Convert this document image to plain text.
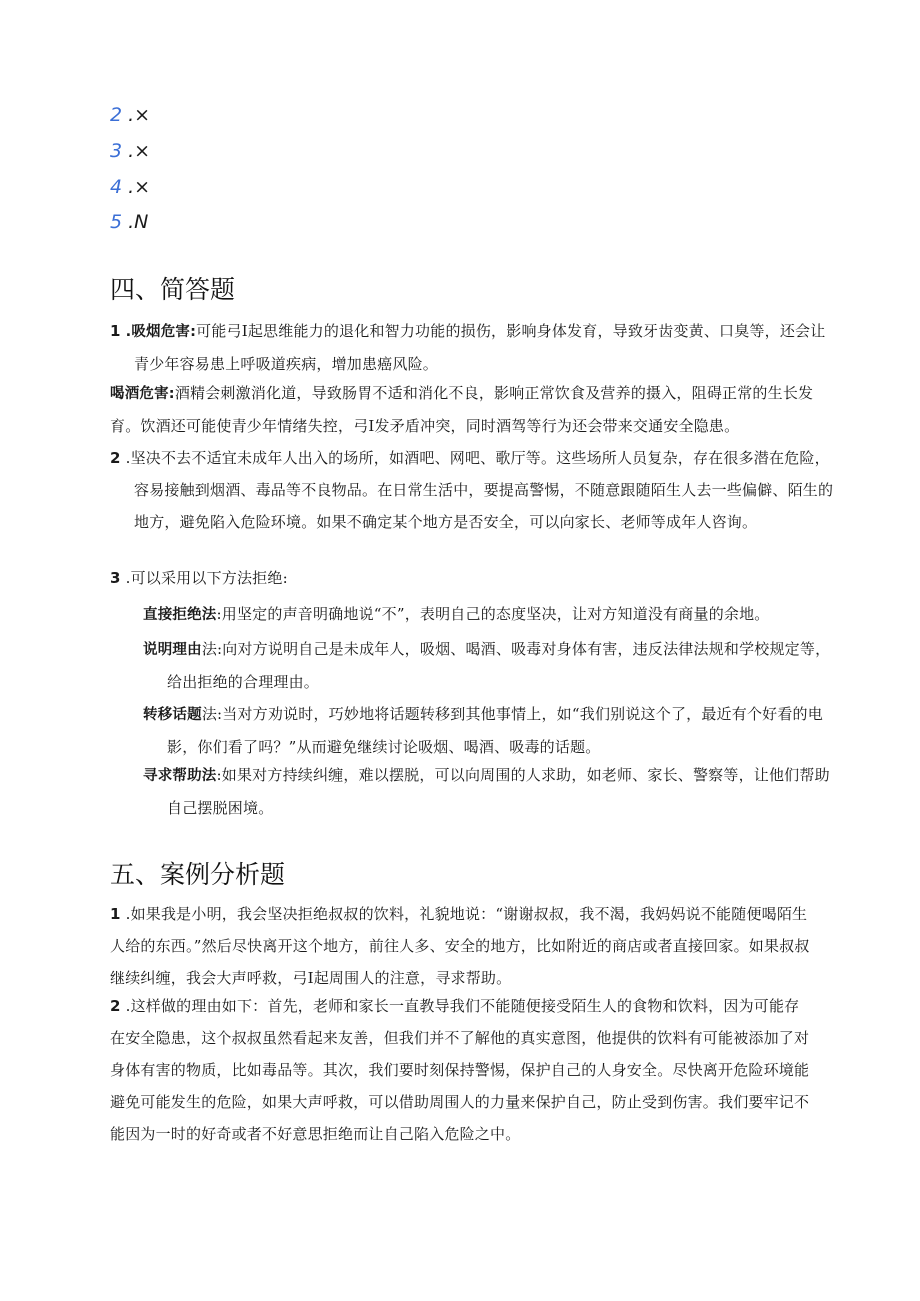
2 .×
3 .×
4 .×
5 .N
四、简答题
1 .吸烟危害:可能弓I起思维能力的退化和智力功能的损伤，影响身体发育，导致牙齿变黄、口臭等，还会让青少年容易患上呼吸道疾病，增加患癌风险。
喝酒危害:酒精会刺激消化道，导致肠胃不适和消化不良，影响正常饮食及营养的摄入，阻碍正常的生长发育。饮酒还可能使青少年情绪失控，弓I发矛盾冲突，同时酒驾等行为还会带来交通安全隐患。
2 .坚决不去不适宜未成年人出入的场所，如酒吧、网吧、歌厅等。这些场所人员复杂，存在很多潜在危险，容易接触到烟酒、毒品等不良物品。在日常生活中，要提高警惕，不随意跟随陌生人去一些偏僻、陌生的地方，避免陷入危险环境。如果不确定某个地方是否安全，可以向家长、老师等成年人咨询。
3 .可以采用以下方法拒绝:
直接拒绝法:用坚定的声音明确地说“不”，表明自己的态度坚决，让对方知道没有商量的余地。
说明理由法:向对方说明自己是未成年人，吸烟、喝酒、吸毒对身体有害，违反法律法规和学校规定等，给出拒绝的合理理由。
转移话题法:当对方劝说时，巧妙地将话题转移到其他事情上，如“我们别说这个了，最近有个好看的电影，你们看了吗？”从而避免继续讨论吸烟、喝酒、吸毒的话题。
寻求帮助法:如果对方持续纠缠，难以摆脱，可以向周围的人求助，如老师、家长、警察等，让他们帮助自己摆脱困境。
五、案例分析题
1 .如果我是小明，我会坚决拒绝叔叔的饮料，礼貌地说：“谢谢叔叔，我不渴，我妈妈说不能随便喝陌生人给的东西。”然后尽快离开这个地方，前往人多、安全的地方，比如附近的商店或者直接回家。如果叔叔继续纠缠，我会大声呼救，弓I起周围人的注意，寻求帮助。
2 .这样做的理由如下：首先，老师和家长一直教导我们不能随便接受陌生人的食物和饮料，因为可能存在安全隐患，这个叔叔虽然看起来友善，但我们并不了解他的真实意图，他提供的饮料有可能被添加了对身体有害的物质，比如毒品等。其次，我们要时刻保持警惕，保护自己的人身安全。尽快离开危险环境能避免可能发生的危险，如果大声呼救，可以借助周围人的力量来保护自己，防止受到伤害。我们要牢记不能因为一时的好奇或者不好意思拒绝而让自己陷入危险之中。
